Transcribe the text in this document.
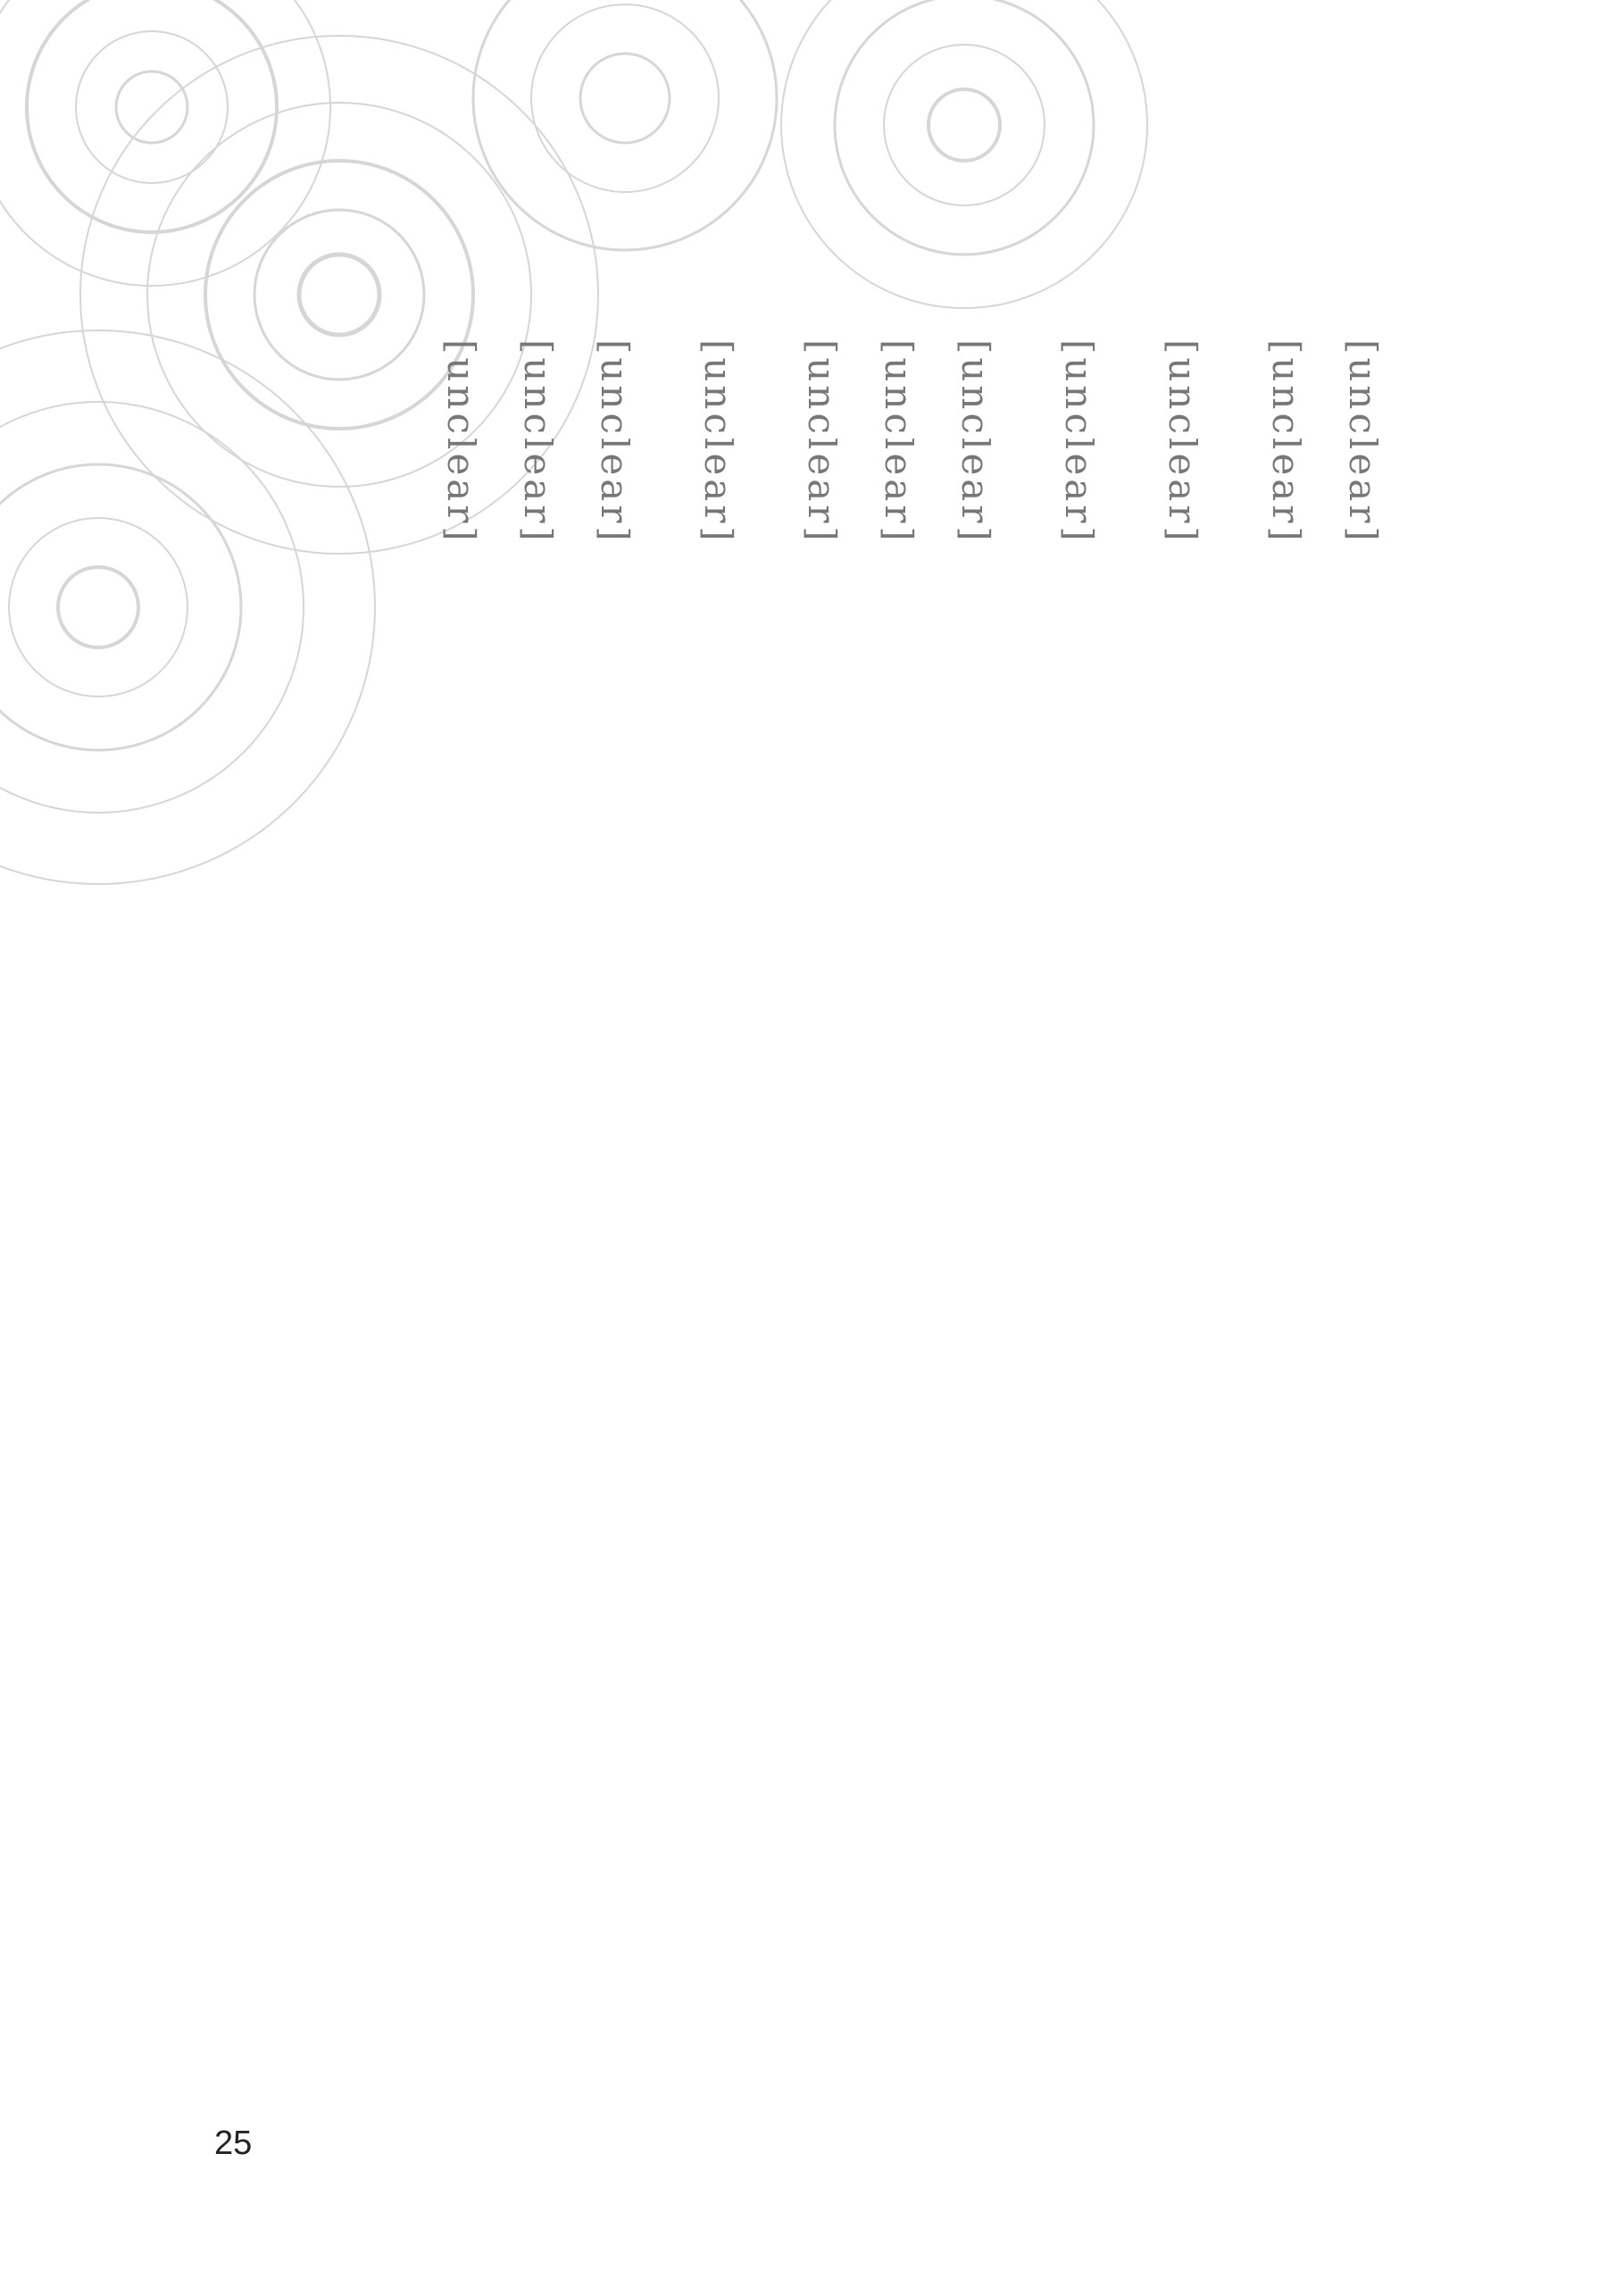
[unclear]

[unclear]

[unclear]

[unclear]

[unclear]

[unclear]

[unclear]

[unclear]

[unclear]

[unclear]

[unclear]

25
